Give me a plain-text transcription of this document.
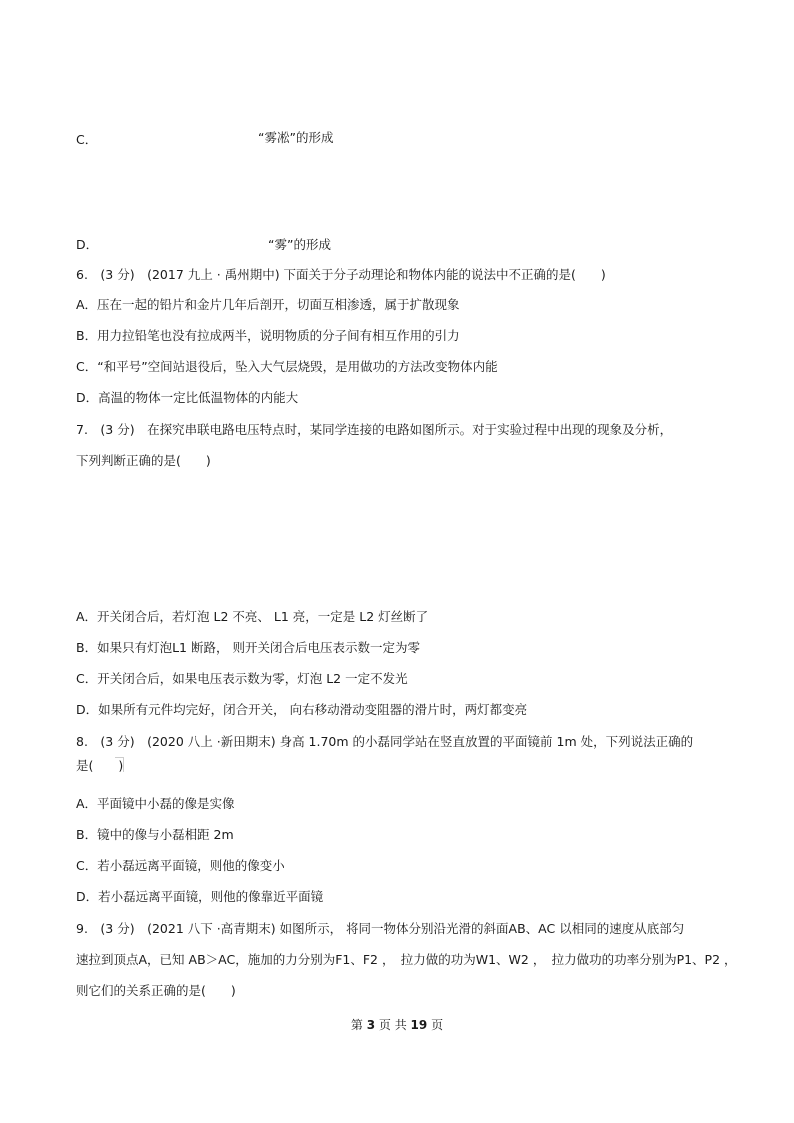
C．	“雾凇”的形成
D．	“雾”的形成
6.　(3 分)　(2017 九上 · 禹州期中) 下面关于分子动理论和物体内能的说法中不正确的是(　　)
A．压在一起的铅片和金片几年后剖开，切面互相渗透，属于扩散现象
B．用力拉铅笔也没有拉成两半，说明物质的分子间有相互作用的引力
C．“和平号”空间站退役后，坠入大气层烧毁，是用做功的方法改变物体内能
D．高温的物体一定比低温物体的内能大
7.　(3 分)　在探究串联电路电压特点时，某同学连接的电路如图所示。对于实验过程中出现的现象及分析，
下列判断正确的是(　　)
A．开关闭合后，若灯泡 L2 不亮、 L1 亮，一定是 L2 灯丝断了
B．如果只有灯泡L1 断路， 则开关闭合后电压表示数一定为零
C．开关闭合后，如果电压表示数为零，灯泡 L2 一定不发光
D．如果所有元件均完好，闭合开关， 向右移动滑动变阻器的滑片时，两灯都变亮
8.　(3 分)　(2020 八上 ·新田期末) 身高 1.70m 的小磊同学站在竖直放置的平面镜前 1m 处，下列说法正确的
是(　　)
A．平面镜中小磊的像是实像
B．镜中的像与小磊相距 2m
C．若小磊远离平面镜，则他的像变小
D．若小磊远离平面镜，则他的像靠近平面镜
9.　(3 分)　(2021 八下 ·高青期末) 如图所示， 将同一物体分别沿光滑的斜面AB、AC 以相同的速度从底部匀
速拉到顶点A，已知 AB＞AC，施加的力分别为F1、F2 ，　拉力做的功为W1、W2 ，　拉力做功的功率分别为P1、P2 ，
则它们的关系正确的是(　　)
第 3 页 共 19 页
